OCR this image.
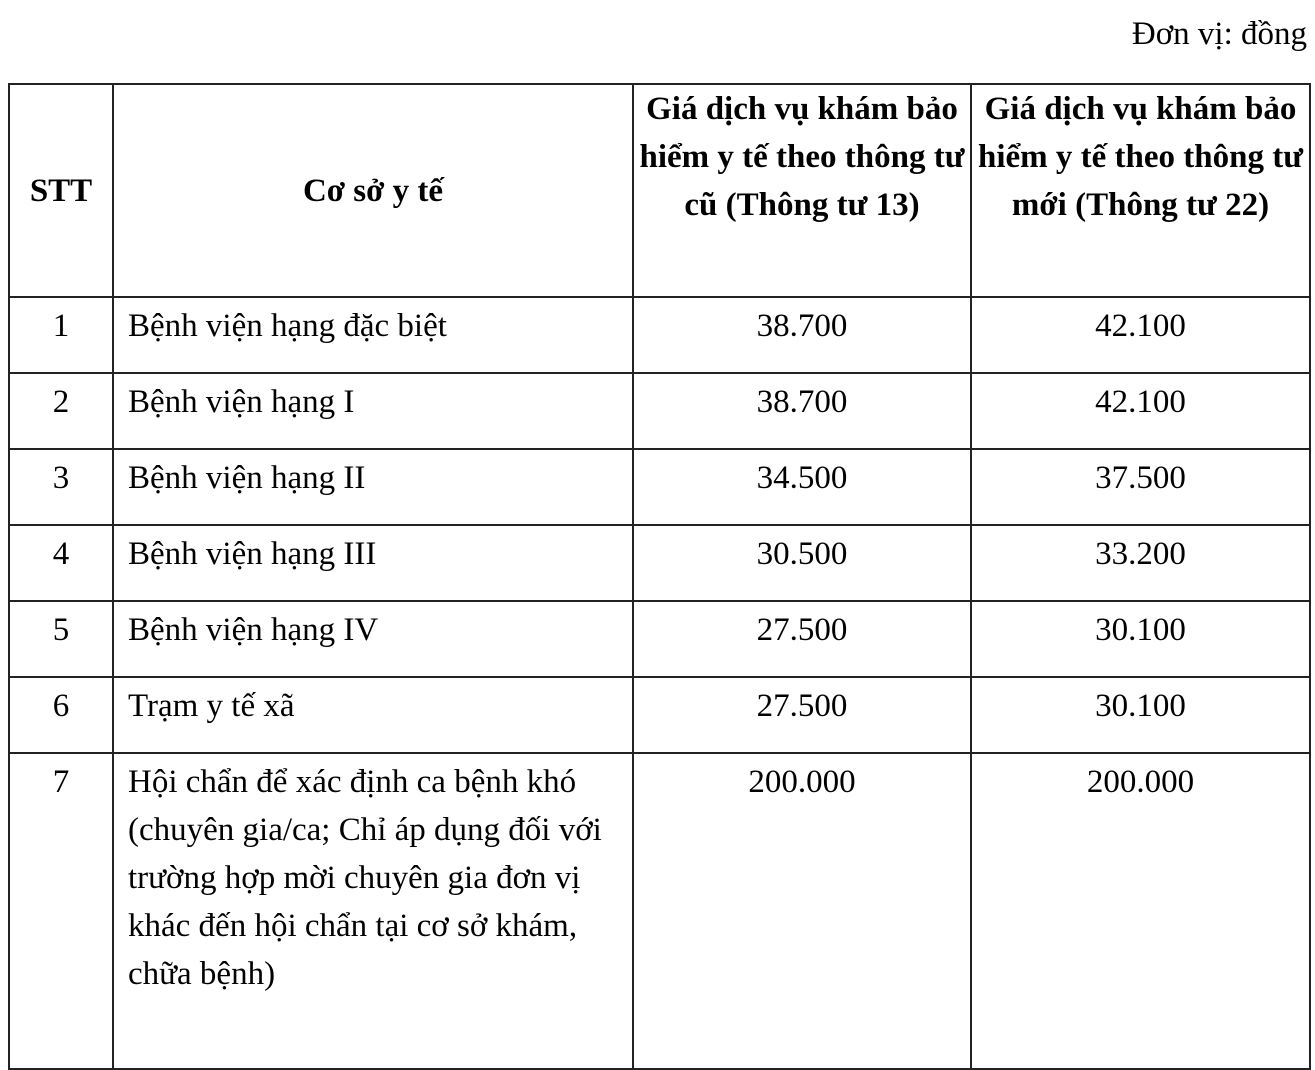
Đơn vị: đồng
STT	Cơ sở y tế	Giá dịch vụ khám bảo hiểm y tế theo thông tư cũ (Thông tư 13)	Giá dịch vụ khám bảo hiểm y tế theo thông tư mới (Thông tư 22)

1	Bệnh viện hạng đặc biệt	38.700	42.100
2	Bệnh viện hạng I	38.700	42.100
3	Bệnh viện hạng II	34.500	37.500
4	Bệnh viện hạng III	30.500	33.200
5	Bệnh viện hạng IV	27.500	30.100
6	Trạm y tế xã	27.500	30.100
7	Hội chẩn để xác định ca bệnh khó (chuyên gia/ca; Chỉ áp dụng đối với trường hợp mời chuyên gia đơn vị khác đến hội chẩn tại cơ sở khám, chữa bệnh)	200.000	200.000
